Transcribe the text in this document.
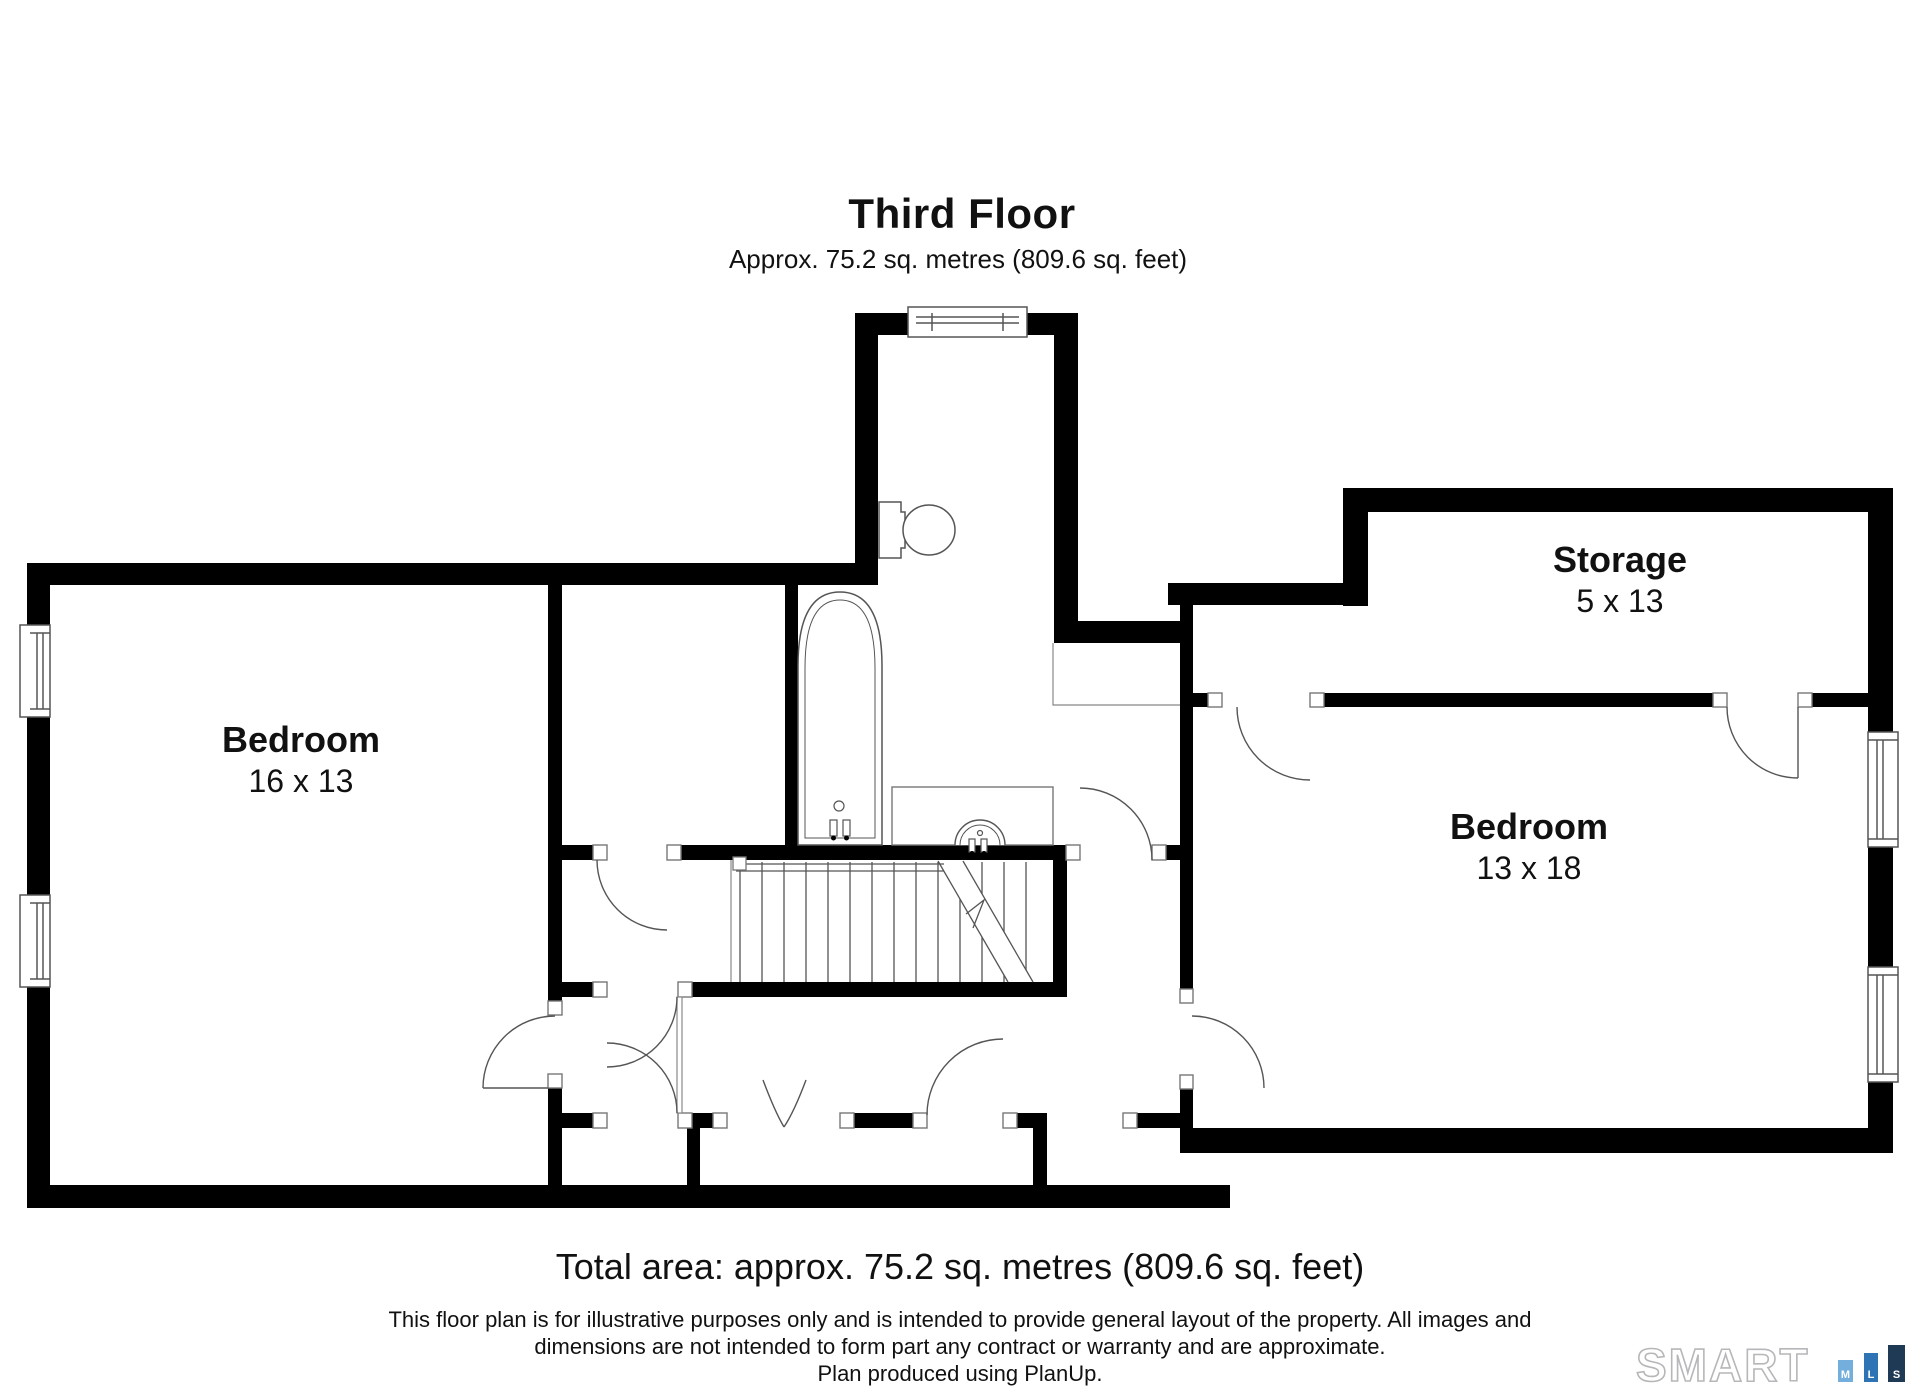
Third Floor
Approx. 75.2 sq. metres (809.6 sq. feet)
Bedroom
16 x 13
Storage
5 x 13
Bedroom
13 x 18
Total area: approx. 75.2 sq. metres (809.6 sq. feet)
This floor plan is for illustrative purposes only and is intended to provide general layout of the property. All images and
dimensions are not intended to form part any contract or warranty and are approximate.
Plan produced using PlanUp.	SMART	M L S
